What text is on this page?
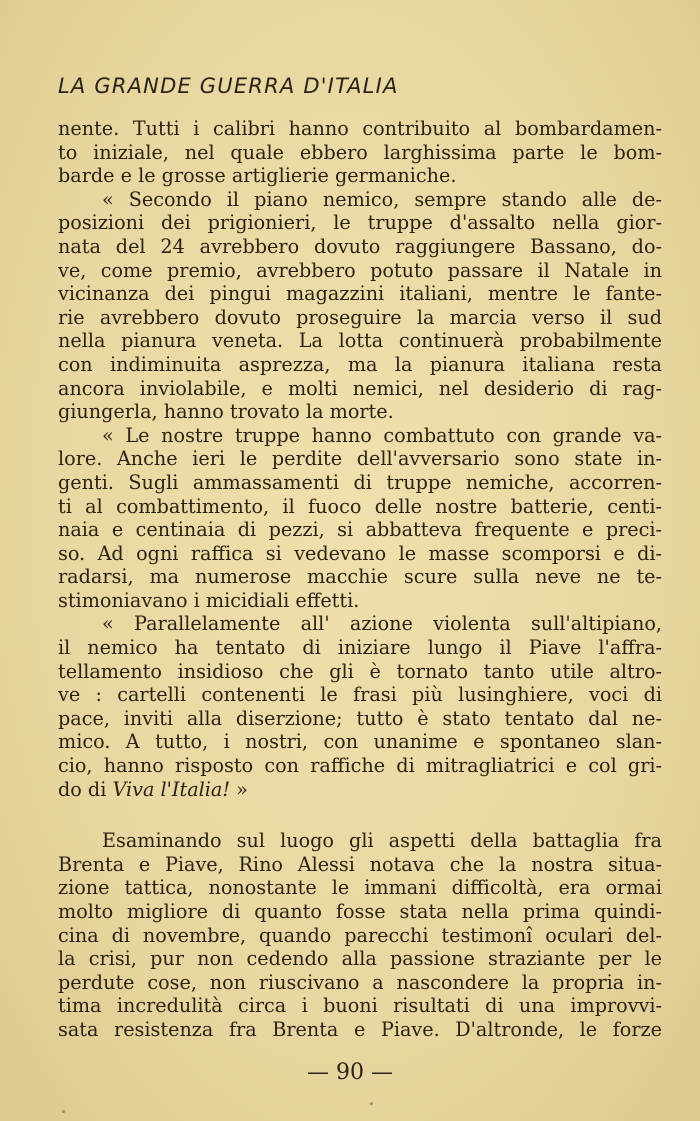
LA GRANDE GUERRA D'ITALIA
nente. Tutti i calibri hanno contribuito al bombardamen-
to iniziale, nel quale ebbero larghissima parte le bom-
barde e le grosse artiglierie germaniche.
« Secondo il piano nemico, sempre stando alle de-
posizioni dei prigionieri, le truppe d'assalto nella gior-
nata del 24 avrebbero dovuto raggiungere Bassano, do-
ve, come premio, avrebbero potuto passare il Natale in
vicinanza dei pingui magazzini italiani, mentre le fante-
rie avrebbero dovuto proseguire la marcia verso il sud
nella pianura veneta. La lotta continuerà probabilmente
con indiminuita asprezza, ma la pianura italiana resta
ancora inviolabile, e molti nemici, nel desiderio di rag-
giungerla, hanno trovato la morte.
« Le nostre truppe hanno combattuto con grande va-
lore. Anche ieri le perdite dell'avversario sono state in-
genti. Sugli ammassamenti di truppe nemiche, accorren-
ti al combattimento, il fuoco delle nostre batterie, centi-
naia e centinaia di pezzi, si abbatteva frequente e preci-
so. Ad ogni raffica si vedevano le masse scomporsi e di-
radarsi, ma numerose macchie scure sulla neve ne te-
stimoniavano i micidiali effetti.
« Parallelamente all' azione violenta sull'altipiano,
il nemico ha tentato di iniziare lungo il Piave l'affra-
tellamento insidioso che gli è tornato tanto utile altro-
ve : cartelli contenenti le frasi più lusinghiere, voci di
pace, inviti alla diserzione; tutto è stato tentato dal ne-
mico. A tutto, i nostri, con unanime e spontaneo slan-
cio, hanno risposto con raffiche di mitragliatrici e col gri-
do di Viva l'Italia! »
Esaminando sul luogo gli aspetti della battaglia fra
Brenta e Piave, Rino Alessi notava che la nostra situa-
zione tattica, nonostante le immani difficoltà, era ormai
molto migliore di quanto fosse stata nella prima quindi-
cina di novembre, quando parecchi testimonî oculari del-
la crisi, pur non cedendo alla passione straziante per le
perdute cose, non riuscivano a nascondere la propria in-
tima incredulità circa i buoni risultati di una improvvi-
sata resistenza fra Brenta e Piave. D'altronde, le forze
— 90 —
